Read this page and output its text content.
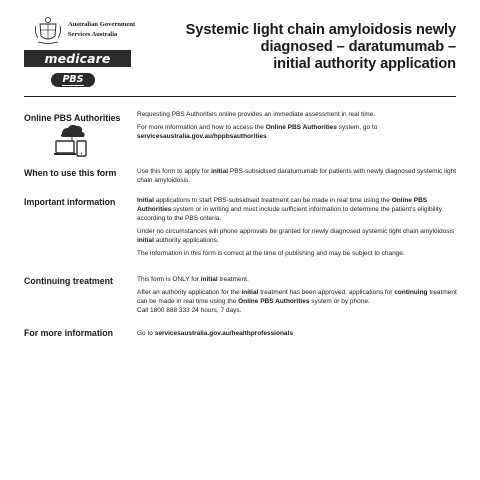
Australian Government
Services Australia
medicare
PBS
Systemic light chain amyloidosis newly
diagnosed – daratumumab –
initial authority application
Online PBS Authorities	Requesting PBS Authorities online provides an immediate assessment in real time.

For more information and how to access the Online PBS Authorities system, go to
servicesaustralia.gov.au/hppbsauthorities

When to use this form	Use this form to apply for initial PBS-subsidised daratumumab for patients with newly diagnosed systemic light chain amyloidosis.

Important information	Initial applications to start PBS-subsidised treatment can be made in real time using the Online PBS Authorities system or in writing and must include sufficient information to determine the patient's eligibility according to the PBS criteria.

Under no circumstances will phone approvals be granted for newly diagnosed systemic light chain amyloidosis initial authority applications.

The information in this form is correct at the time of publishing and may be subject to change.

Continuing treatment	This form is ONLY for initial treatment.

After an authority application for the initial treatment has been approved, applications for continuing treatment can be made in real time using the Online PBS Authorities system or by phone.
Call 1800 888 333 24 hours, 7 days.

For more information	Go to servicesaustralia.gov.au/healthprofessionals
